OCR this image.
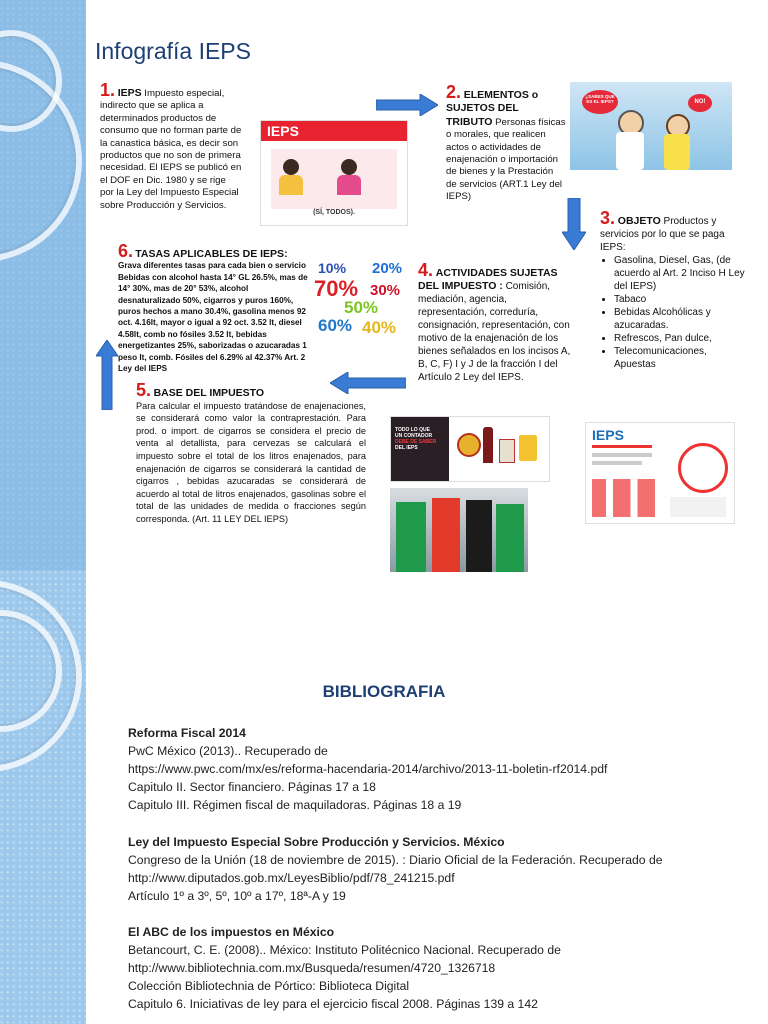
Infografía IEPS
1. IEPS Impuesto especial, indirecto que se aplica a determinados productos de consumo que no forman parte de la canastica básica, es decir son productos que no son de primera necesidad. El IEPS se publicó en el DOF en Dic. 1980 y se rige por la Ley del Impuesto Especial sobre Producción y Servicios.
IEPS
(SÍ, TODOS).
2. ELEMENTOS o SUJETOS DEL TRIBUTO Personas físicas o morales, que realicen actos o actividades de enajenación o importación de bienes y la Prestación de servicios (ART.1 Ley del IEPS)
¿SABES QUE ES EL IEPS?	NO!
3. OBJETO Productos y servicios por lo que se paga IEPS:
• Gasolina, Diesel, Gas, (de acuerdo al Art. 2 Inciso H Ley del IEPS)
• Tabaco
• Bebidas Alcohólicas y azucaradas.
• Refrescos, Pan dulce,
• Telecomunicaciones, Apuestas
6. TASAS APLICABLES DE IEPS:
Grava diferentes tasas para cada bien o servicio Bebidas con alcohol hasta 14° GL 26.5%, mas de 14° 30%, mas de 20° 53%, alcohol desnaturalizado 50%, cigarros y puros 160%, puros hechos a mano 30.4%, gasolina menos 92 oct. 4.16lt, mayor o igual a 92 oct. 3.52 lt, diesel 4.58lt, comb no fósiles 3.52 lt, bebidas energetizantes 25%, saborizadas o azucaradas 1 peso lt, comb. Fósiles del 6.29% al 42.37% Art. 2 Ley del IEPS
10% 20%
70% 30%
50%
60% 40%
4. ACTIVIDADES SUJETAS DEL IMPUESTO : Comisión, mediación, agencia, representación, correduría, consignación, representación, con motivo de la enajenación de los bienes señalados en los incisos A, B, C, F) I y J de la fracción I del Artículo 2 Ley del IEPS.
5. BASE DEL IMPUESTO
Para calcular el impuesto tratándose de enajenaciones, se considerará como valor la contraprestación. Para prod. o import. de cigarros se considera el precio de venta al detallista, para cervezas se calculará el impuesto sobre el total de los litros enajenados, para enajenación de cigarros se considerará la cantidad de cigarros , bebidas azucaradas se considerará de acuerdo al total de litros enajenados, gasolinas sobre el total de las unidades de medida o fracciones según corresponda. (Art. 11 LEY DEL IEPS)
TODO LO QUE
UN CONTADOR
DEBE DE SABER
DEL IEPS
IEPS
BIBLIOGRAFIA
Reforma Fiscal 2014
PwC México (2013).. Recuperado de
https://www.pwc.com/mx/es/reforma-hacendaria-2014/archivo/2013-11-boletin-rf2014.pdf
Capitulo II. Sector financiero. Páginas 17 a 18
Capitulo III. Régimen fiscal de maquiladoras. Páginas 18 a 19
Ley del Impuesto Especial Sobre Producción y Servicios. México
Congreso de la Unión (18 de noviembre de 2015). : Diario Oficial de la Federación. Recuperado de
http://www.diputados.gob.mx/LeyesBiblio/pdf/78_241215.pdf
Artículo 1º a 3º, 5º, 10º a 17º, 18ª-A y 19
El ABC de los impuestos en México
Betancourt, C. E. (2008).. México: Instituto Politécnico Nacional. Recuperado de
http://www.bibliotechnia.com.mx/Busqueda/resumen/4720_1326718
Colección Bibliotechnia de Pórtico: Biblioteca Digital
Capitulo 6. Iniciativas de ley para el ejercicio fiscal 2008. Páginas 139 a 142
